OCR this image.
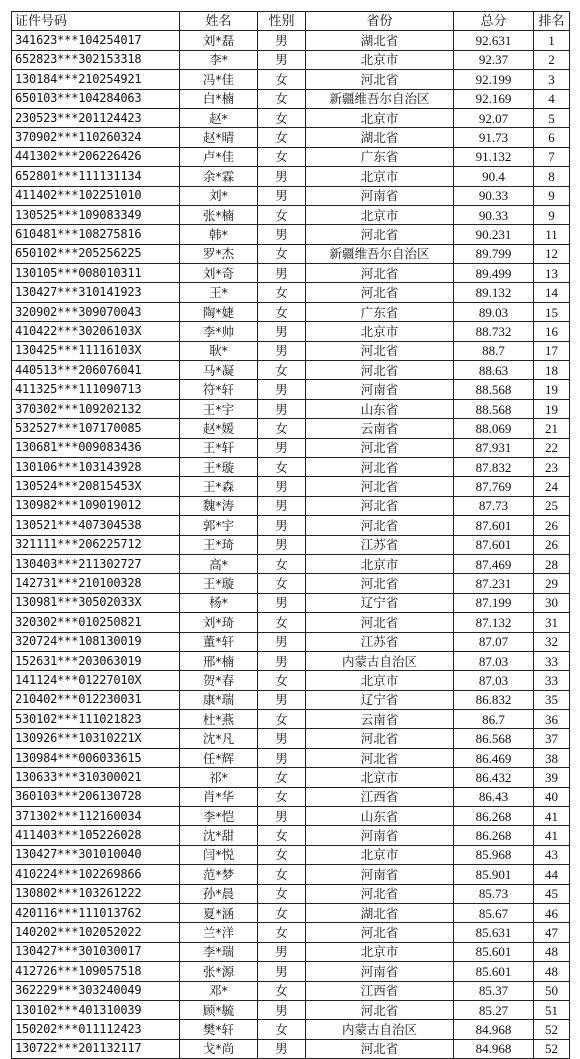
证件号码	姓名	性别	省份	总分	排名
341623***104254017	刘*磊	男	湖北省	92.631	1
652823***302153318	李*	男	北京市	92.37	2
130184***210254921	冯*佳	女	河北省	92.199	3
650103***104284063	白*楠	女	新疆维吾尔自治区	92.169	4
230523***201124423	赵*	女	北京市	92.07	5
370902***110260324	赵*晴	女	湖北省	91.73	6
441302***206226426	卢*佳	女	广东省	91.132	7
652801***111131134	余*霖	男	北京市	90.4	8
411402***102251010	刘*	男	河南省	90.33	9
130525***109083349	张*楠	女	北京市	90.33	9
610481***108275816	韩*	男	河北省	90.231	11
650102***205256225	罗*杰	女	新疆维吾尔自治区	89.799	12
130105***008010311	刘*奇	男	河北省	89.499	13
130427***310141923	王*	女	河北省	89.132	14
320902***309070043	陶*婕	女	广东省	89.03	15
410422***30206103X	李*帅	男	北京市	88.732	16
130425***11116103X	耿*	男	河北省	88.7	17
440513***206076041	马*凝	女	河北省	88.63	18
411325***111090713	符*轩	男	河南省	88.568	19
370302***109202132	王*宇	男	山东省	88.568	19
532527***107170085	赵*媛	女	云南省	88.069	21
130681***009083436	王*轩	男	河北省	87.931	22
130106***103143928	王*璇	女	河北省	87.832	23
130524***20815453X	王*森	男	河北省	87.769	24
130982***109019012	魏*涛	男	河北省	87.73	25
130521***407304538	郭*宇	男	河北省	87.601	26
321111***206225712	王*琦	男	江苏省	87.601	26
130403***211302727	高*	女	北京市	87.469	28
142731***210100328	王*璇	女	河北省	87.231	29
130981***30502033X	杨*	男	辽宁省	87.199	30
320302***010250821	刘*琦	女	河北省	87.132	31
320724***108130019	董*轩	男	江苏省	87.07	32
152631***203063019	邢*楠	男	内蒙古自治区	87.03	33
141124***01227010X	贺*春	女	北京市	87.03	33
210402***012230031	康*瑞	男	辽宁省	86.832	35
530102***111021823	杜*燕	女	云南省	86.7	36
130926***10310221X	沈*凡	男	河北省	86.568	37
130984***006033615	任*辉	男	河北省	86.469	38
130633***310300021	祁*	女	北京市	86.432	39
360103***206130728	肖*华	女	江西省	86.43	40
371302***112160034	李*恺	男	山东省	86.268	41
411403***105226028	沈*甜	女	河南省	86.268	41
130427***301010040	闫*悦	女	北京市	85.968	43
410224***102269866	范*梦	女	河南省	85.901	44
130802***103261222	孙*晨	女	河北省	85.73	45
420116***111013762	夏*涵	女	湖北省	85.67	46
140202***102052022	兰*洋	女	河北省	85.631	47
130427***301030017	李*瑞	男	北京市	85.601	48
412726***109057518	张*源	男	河南省	85.601	48
362229***303240049	邓*	女	江西省	85.37	50
130102***401310039	顾*毓	男	河北省	85.27	51
150202***011112423	樊*轩	女	内蒙古自治区	84.968	52
130722***201132117	戈*尚	男	河北省	84.968	52
